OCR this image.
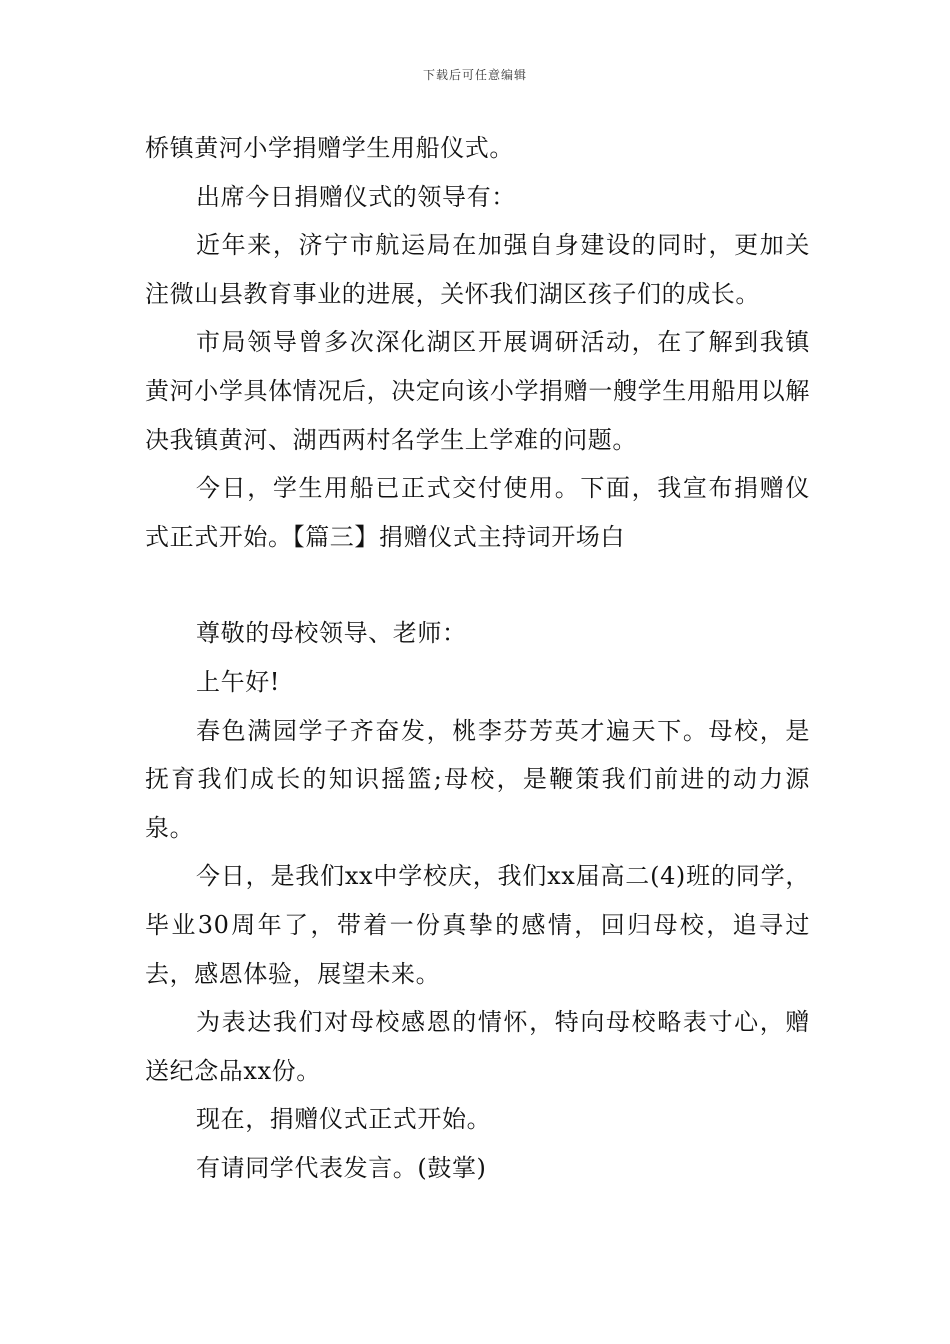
下载后可任意编辑

桥镇黄河小学捐赠学生用船仪式。

出席今日捐赠仪式的领导有：

近年来，济宁市航运局在加强自身建设的同时，更加关注微山县教育事业的进展，关怀我们湖区孩子们的成长。

市局领导曾多次深化湖区开展调研活动，在了解到我镇黄河小学具体情况后，决定向该小学捐赠一艘学生用船用以解决我镇黄河、湖西两村名学生上学难的问题。

今日，学生用船已正式交付使用。下面，我宣布捐赠仪式正式开始。【篇三】捐赠仪式主持词开场白

尊敬的母校领导、老师：

上午好!

春色满园学子齐奋发，桃李芬芳英才遍天下。母校，是抚育我们成长的知识摇篮;母校，是鞭策我们前进的动力源泉。

今日，是我们xx中学校庆，我们xx届高二(4)班的同学，毕业30周年了，带着一份真挚的感情，回归母校，追寻过去，感恩体验，展望未来。

为表达我们对母校感恩的情怀，特向母校略表寸心，赠送纪念品xx份。

现在，捐赠仪式正式开始。

有请同学代表发言。(鼓掌)
